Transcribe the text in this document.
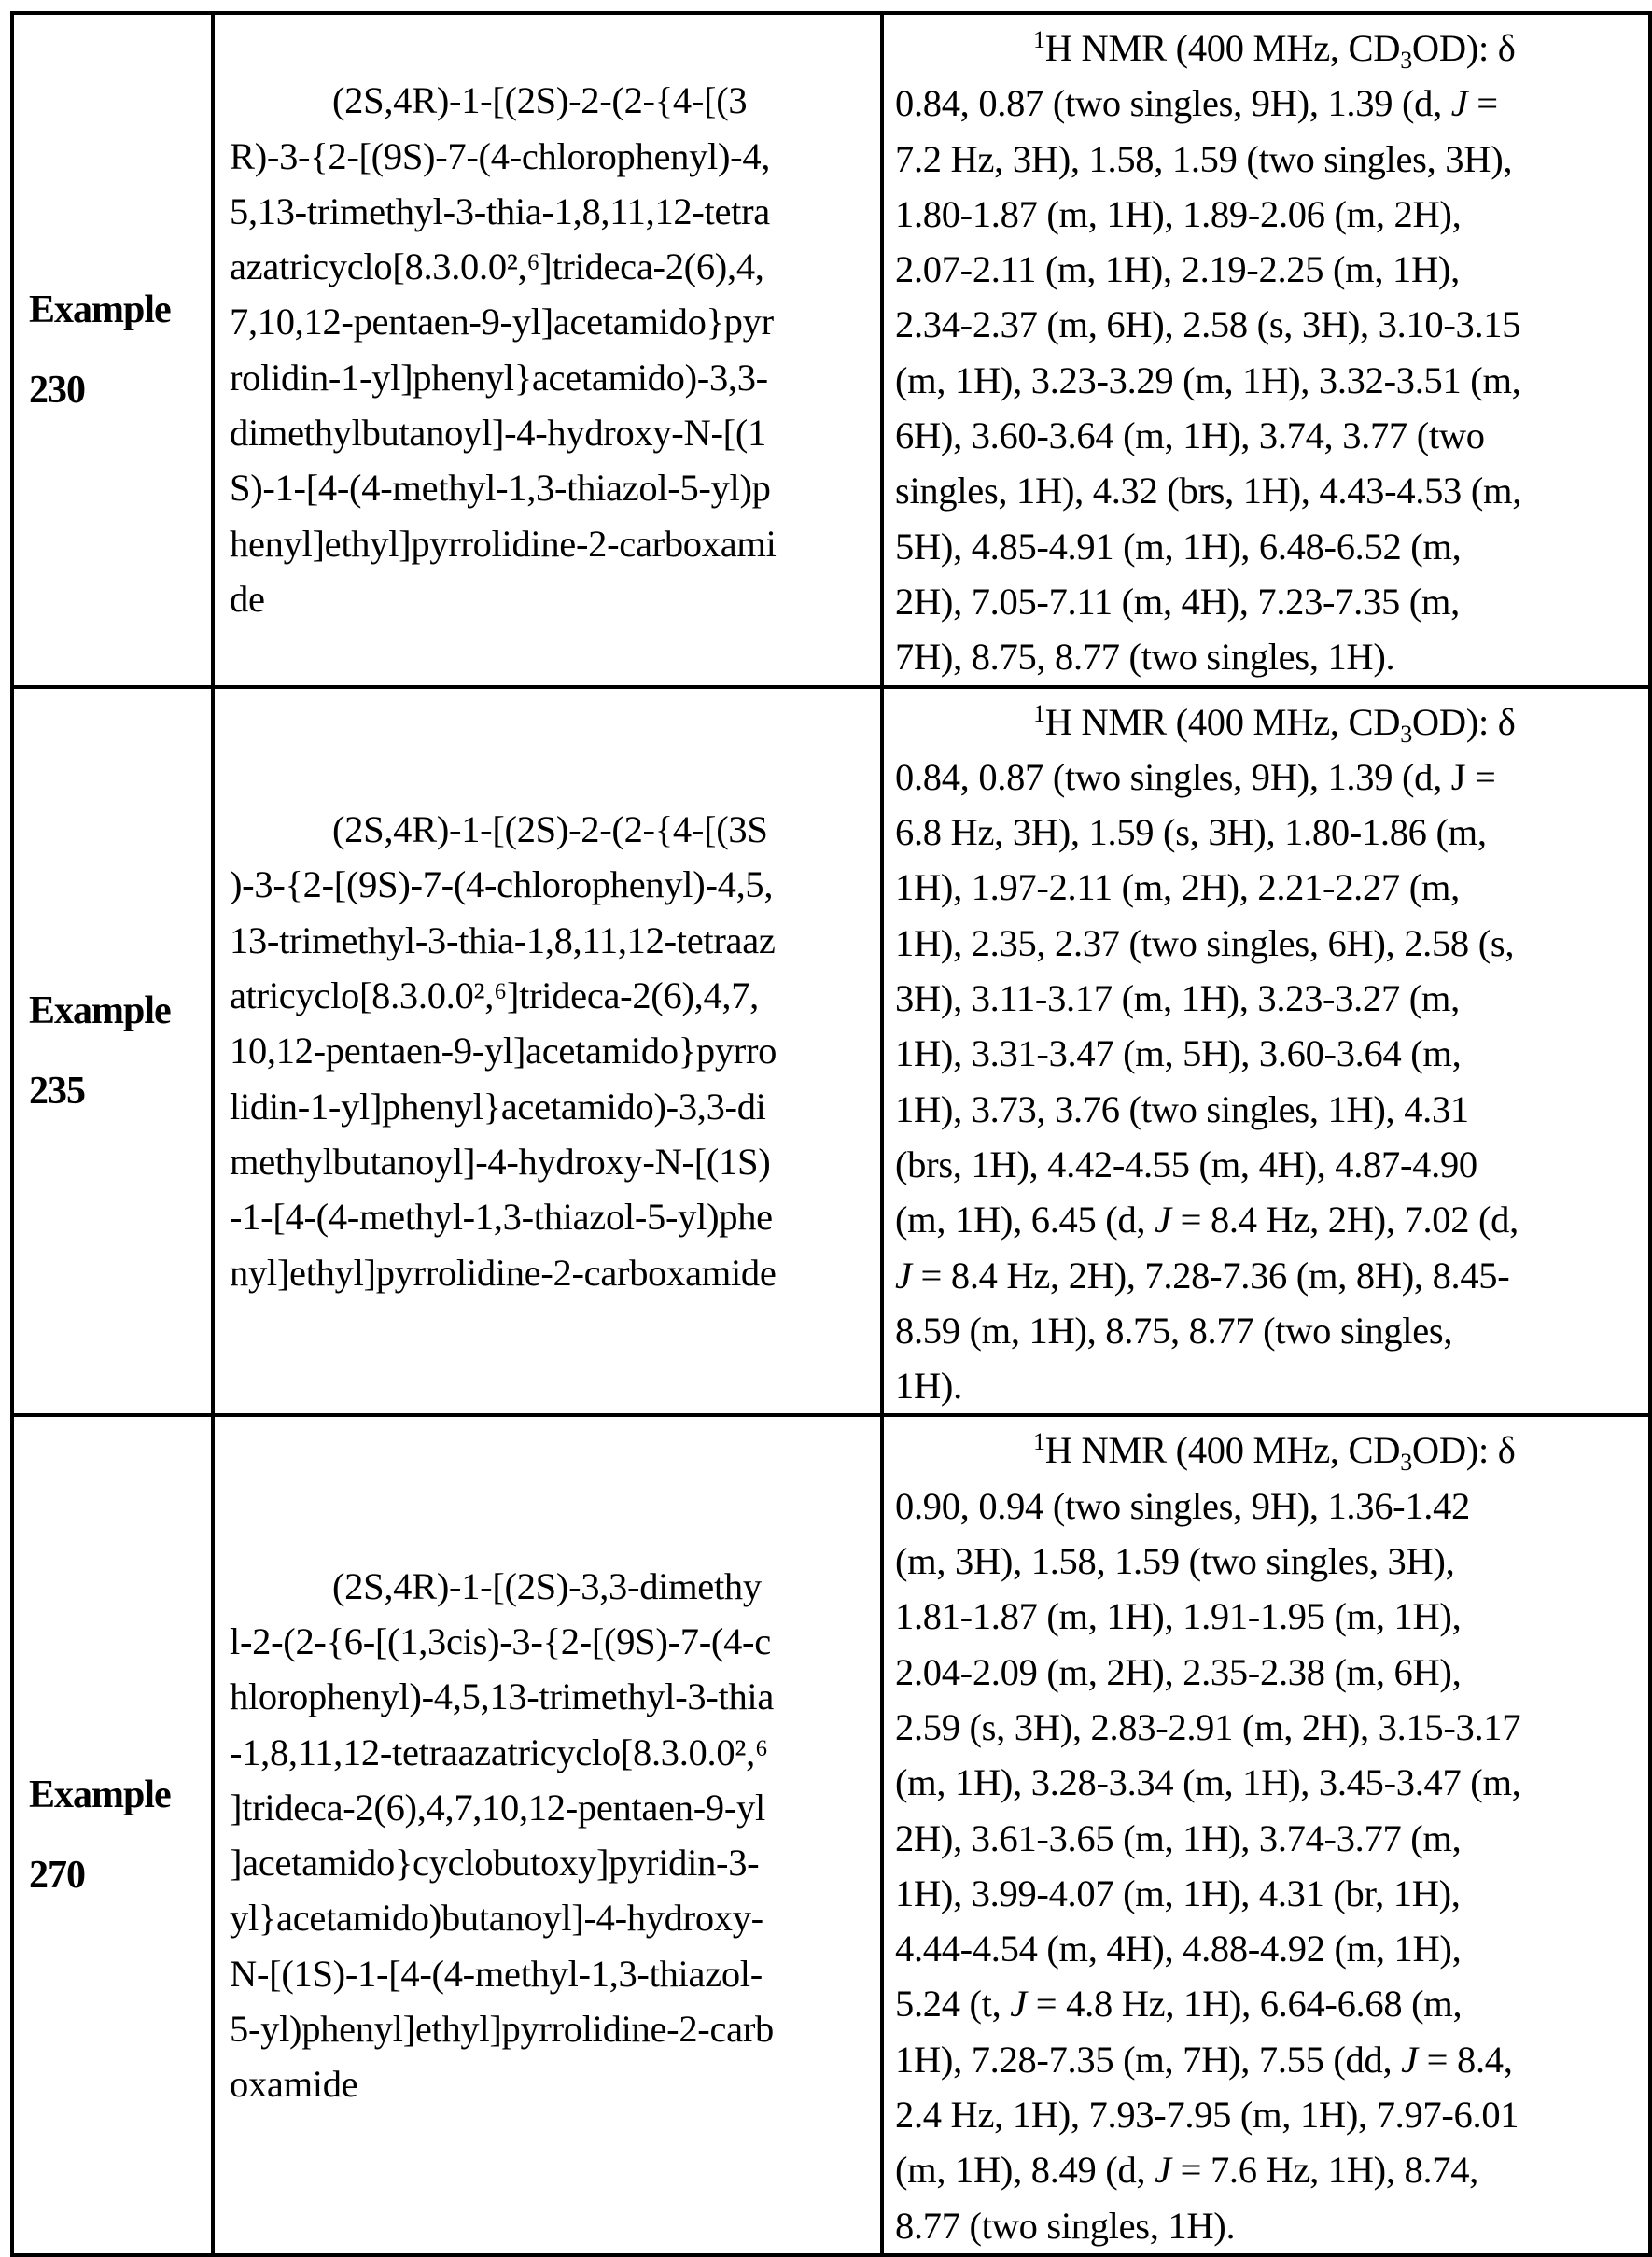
Example
230

(2S,4R)-1-[(2S)-2-(2-{4-[(3
R)-3-{2-[(9S)-7-(4-chlorophenyl)-4,
5,13-trimethyl-3-thia-1,8,11,12-tetra
azatricyclo[8.3.0.0²,⁶]trideca-2(6),4,
7,10,12-pentaen-9-yl]acetamido}pyr
rolidin-1-yl]phenyl}acetamido)-3,3-
dimethylbutanoyl]-4-hydroxy-N-[(1
S)-1-[4-(4-methyl-1,3-thiazol-5-yl)p
henyl]ethyl]pyrrolidine-2-carboxami
de

$^1$H NMR (400 MHz, $CD_3OD$): δ
0.84, 0.87 (two singles, 9H), 1.39 (d, J =
7.2 Hz, 3H), 1.58, 1.59 (two singles, 3H),
1.80-1.87 (m, 1H), 1.89-2.06 (m, 2H),
2.07-2.11 (m, 1H), 2.19-2.25 (m, 1H),
2.34-2.37 (m, 6H), 2.58 (s, 3H), 3.10-3.15
(m, 1H), 3.23-3.29 (m, 1H), 3.32-3.51 (m,
6H), 3.60-3.64 (m, 1H), 3.74, 3.77 (two
singles, 1H), 4.32 (brs, 1H), 4.43-4.53 (m,
5H), 4.85-4.91 (m, 1H), 6.48-6.52 (m,
2H), 7.05-7.11 (m, 4H), 7.23-7.35 (m,
7H), 8.75, 8.77 (two singles, 1H).

Example
235

(2S,4R)-1-[(2S)-2-(2-{4-[(3S
)-3-{2-[(9S)-7-(4-chlorophenyl)-4,5,
13-trimethyl-3-thia-1,8,11,12-tetraaz
atricyclo[8.3.0.0²,⁶]trideca-2(6),4,7,
10,12-pentaen-9-yl]acetamido}pyrro
lidin-1-yl]phenyl}acetamido)-3,3-di
methylbutanoyl]-4-hydroxy-N-[(1S)
-1-[4-(4-methyl-1,3-thiazol-5-yl)phe
nyl]ethyl]pyrrolidine-2-carboxamide

$^1$H NMR (400 MHz, $CD_3OD$): δ
0.84, 0.87 (two singles, 9H), 1.39 (d, J =
6.8 Hz, 3H), 1.59 (s, 3H), 1.80-1.86 (m,
1H), 1.97-2.11 (m, 2H), 2.21-2.27 (m,
1H), 2.35, 2.37 (two singles, 6H), 2.58 (s,
3H), 3.11-3.17 (m, 1H), 3.23-3.27 (m,
1H), 3.31-3.47 (m, 5H), 3.60-3.64 (m,
1H), 3.73, 3.76 (two singles, 1H), 4.31
(brs, 1H), 4.42-4.55 (m, 4H), 4.87-4.90
(m, 1H), 6.45 (d, J = 8.4 Hz, 2H), 7.02 (d,
J = 8.4 Hz, 2H), 7.28-7.36 (m, 8H), 8.45-
8.59 (m, 1H), 8.75, 8.77 (two singles,
1H).

Example
270

(2S,4R)-1-[(2S)-3,3-dimethy
l-2-(2-{6-[(1,3cis)-3-{2-[(9S)-7-(4-c
hlorophenyl)-4,5,13-trimethyl-3-thia
-1,8,11,12-tetraazatricyclo[8.3.0.0²,⁶
]trideca-2(6),4,7,10,12-pentaen-9-yl
]acetamido}cyclobutoxy]pyridin-3-
yl}acetamido)butanoyl]-4-hydroxy-
N-[(1S)-1-[4-(4-methyl-1,3-thiazol-
5-yl)phenyl]ethyl]pyrrolidine-2-carb
oxamide

$^1$H NMR (400 MHz, $CD_3OD$): δ
0.90, 0.94 (two singles, 9H), 1.36-1.42
(m, 3H), 1.58, 1.59 (two singles, 3H),
1.81-1.87 (m, 1H), 1.91-1.95 (m, 1H),
2.04-2.09 (m, 2H), 2.35-2.38 (m, 6H),
2.59 (s, 3H), 2.83-2.91 (m, 2H), 3.15-3.17
(m, 1H), 3.28-3.34 (m, 1H), 3.45-3.47 (m,
2H), 3.61-3.65 (m, 1H), 3.74-3.77 (m,
1H), 3.99-4.07 (m, 1H), 4.31 (br, 1H),
4.44-4.54 (m, 4H), 4.88-4.92 (m, 1H),
5.24 (t, J = 4.8 Hz, 1H), 6.64-6.68 (m,
1H), 7.28-7.35 (m, 7H), 7.55 (dd, J = 8.4,
2.4 Hz, 1H), 7.93-7.95 (m, 1H), 7.97-6.01
(m, 1H), 8.49 (d, J = 7.6 Hz, 1H), 8.74,
8.77 (two singles, 1H).
